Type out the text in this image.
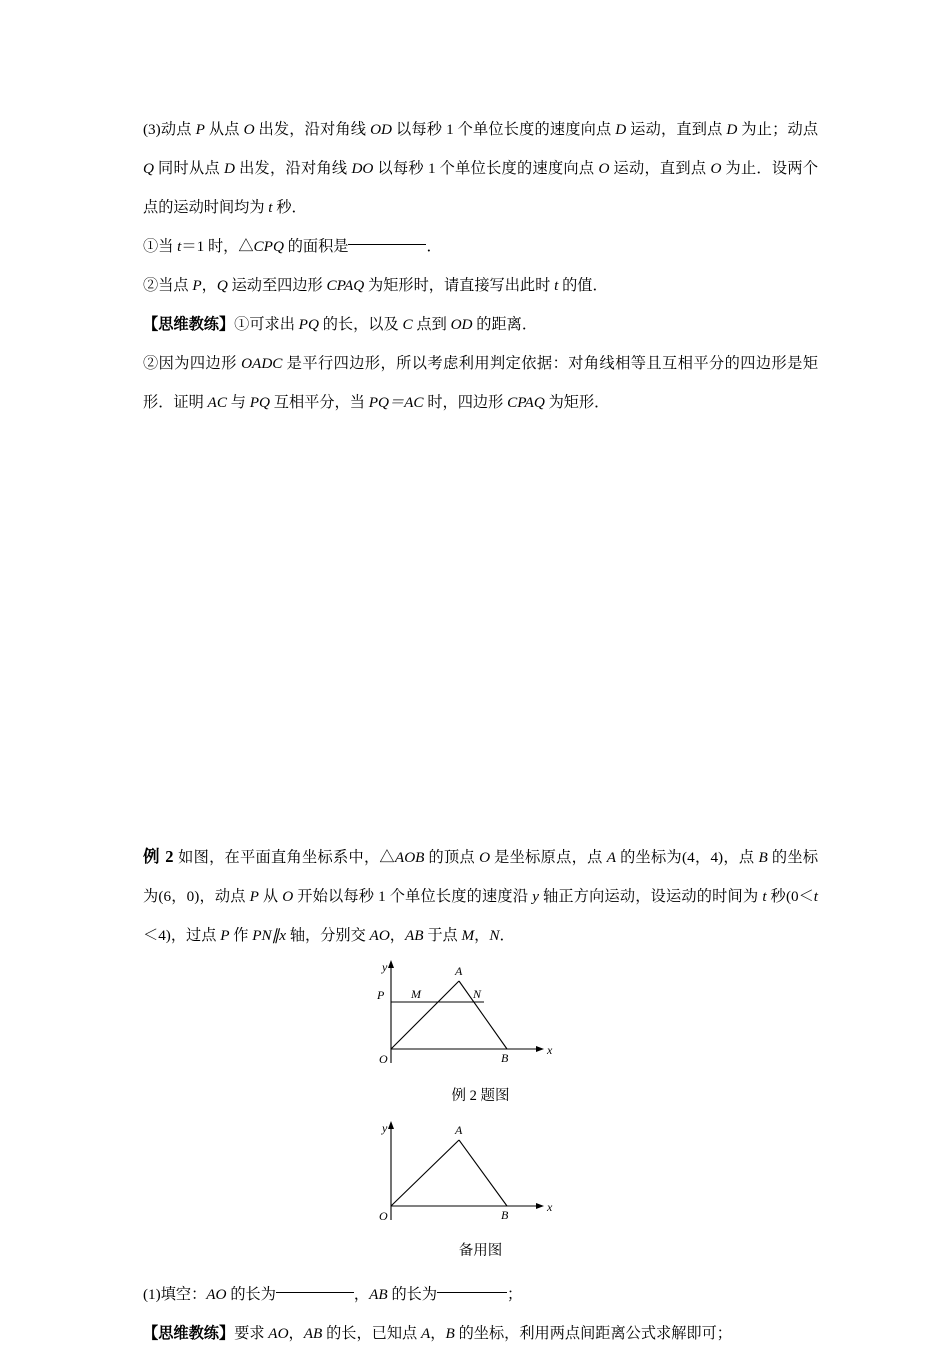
(3)动点 P 从点 O 出发，沿对角线 OD 以每秒 1 个单位长度的速度向点 D 运动，直到点 D 为止；动点 Q 同时从点 D 出发，沿对角线 DO 以每秒 1 个单位长度的速度向点 O 运动，直到点 O 为止．设两个点的运动时间均为 t 秒．

①当 t＝1 时，△CPQ 的面积是	．

②当点 P，Q 运动至四边形 CPAQ 为矩形时，请直接写出此时 t 的值．

【思维教练】①可求出 PQ 的长，以及 C 点到 OD 的距离．

②因为四边形 OADC 是平行四边形，所以考虑利用判定依据：对角线相等且互相平分的四边形是矩形．证明 AC 与 PQ 互相平分，当 PQ＝AC 时，四边形 CPAQ 为矩形．

例 2 如图，在平面直角坐标系中，△AOB 的顶点 O 是坐标原点，点 A 的坐标为(4，4)，点 B 的坐标为(6，0)，动点 P 从 O 开始以每秒 1 个单位长度的速度沿 y 轴正方向运动，设运动的时间为 t 秒(0＜t＜4)，过点 P 作 PN∥x 轴，分别交 AO，AB 于点 M，N．

y
x
O
A
B
P M	N

例 2 题图

y
x
O
A
B

备用图

(1)填空：AO 的长为	，AB 的长为	；

【思维教练】要求 AO，AB 的长，已知点 A，B 的坐标，利用两点间距离公式求解即可；
